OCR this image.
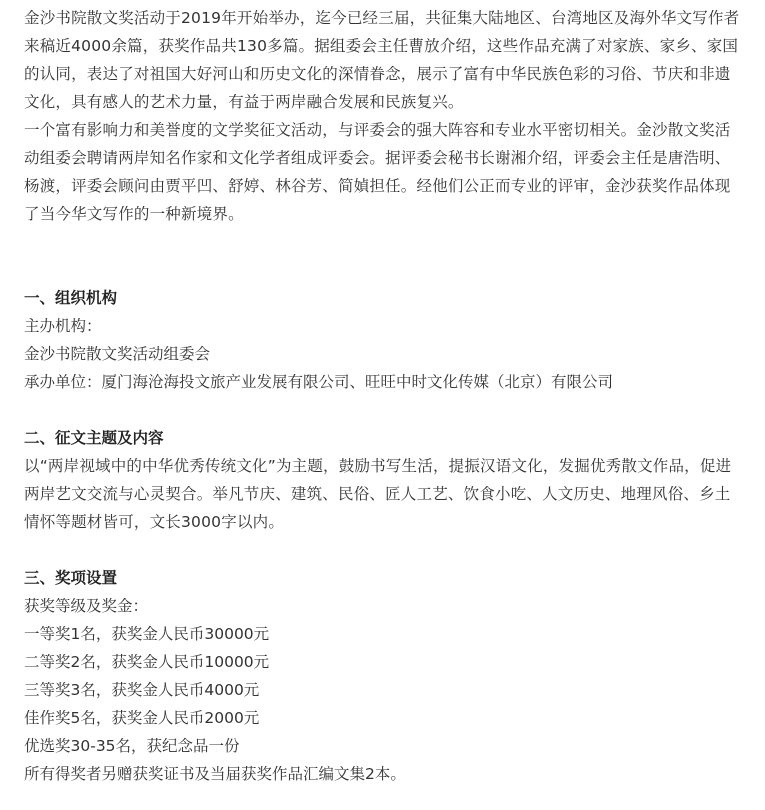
金沙书院散文奖活动于2019年开始举办，迄今已经三届，共征集大陆地区、台湾地区及海外华文写作者来稿近4000余篇，获奖作品共130多篇。据组委会主任曹放介绍，这些作品充满了对家族、家乡、家国的认同，表达了对祖国大好河山和历史文化的深情眷念，展示了富有中华民族色彩的习俗、节庆和非遗文化，具有感人的艺术力量，有益于两岸融合发展和民族复兴。

一个富有影响力和美誉度的文学奖征文活动，与评委会的强大阵容和专业水平密切相关。金沙散文奖活动组委会聘请两岸知名作家和文化学者组成评委会。据评委会秘书长谢湘介绍，评委会主任是唐浩明、杨渡，评委会顾问由贾平凹、舒婷、林谷芳、简媜担任。经他们公正而专业的评审，金沙获奖作品体现了当今华文写作的一种新境界。

一、组织机构

主办机构：

金沙书院散文奖活动组委会

承办单位：厦门海沧海投文旅产业发展有限公司、旺旺中时文化传媒（北京）有限公司

二、征文主题及内容

以“两岸视域中的中华优秀传统文化”为主题，鼓励书写生活，提振汉语文化，发掘优秀散文作品，促进两岸艺文交流与心灵契合。举凡节庆、建筑、民俗、匠人工艺、饮食小吃、人文历史、地理风俗、乡土情怀等题材皆可，文长3000字以内。

三、奖项设置

获奖等级及奖金：

一等奖1名，获奖金人民币30000元

二等奖2名，获奖金人民币10000元

三等奖3名，获奖金人民币4000元

佳作奖5名，获奖金人民币2000元

优选奖30-35名，获纪念品一份

所有得奖者另赠获奖证书及当届获奖作品汇编文集2本。
